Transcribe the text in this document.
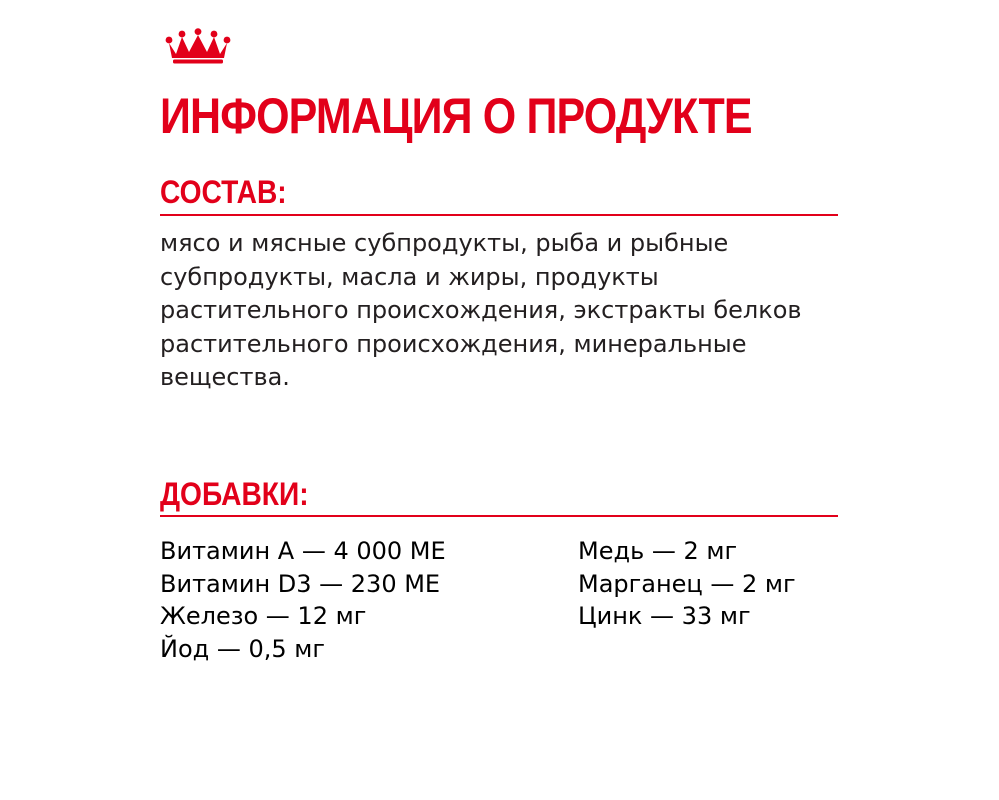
ИНФОРМАЦИЯ О ПРОДУКТЕ
СОСТАВ:

мясо и мясные субпродукты, рыба и рыбные субпродукты, масла и жиры, продукты растительного происхождения, экстракты белков растительного происхождения, минеральные вещества.

ДОБАВКИ:
Витамин А — 4 000 МЕ
Витамин D3 — 230 МЕ
Железо — 12 мг
Йод — 0,5 мг
Медь — 2 мг
Марганец — 2 мг
Цинк — 33 мг
